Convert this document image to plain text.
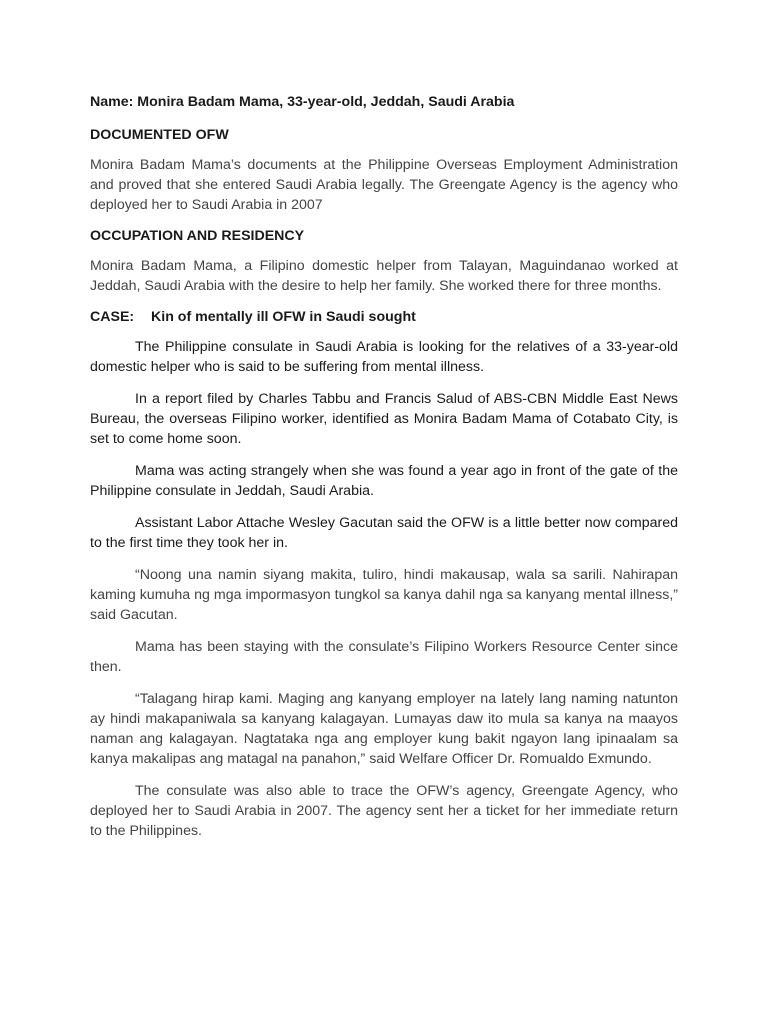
Name: Monira Badam Mama, 33-year-old, Jeddah, Saudi Arabia

DOCUMENTED OFW

Monira Badam Mama’s documents at the Philippine Overseas Employment Administration and proved that she entered Saudi Arabia legally. The Greengate Agency is the agency who deployed her to Saudi Arabia in 2007

OCCUPATION AND RESIDENCY

Monira Badam Mama, a Filipino domestic helper from Talayan, Maguindanao worked at Jeddah, Saudi Arabia with the desire to help her family. She worked there for three months.

CASE: Kin of mentally ill OFW in Saudi sought

The Philippine consulate in Saudi Arabia is looking for the relatives of a 33-year-old domestic helper who is said to be suffering from mental illness.

In a report filed by Charles Tabbu and Francis Salud of ABS-CBN Middle East News Bureau, the overseas Filipino worker, identified as Monira Badam Mama of Cotabato City, is set to come home soon.

Mama was acting strangely when she was found a year ago in front of the gate of the Philippine consulate in Jeddah, Saudi Arabia.

Assistant Labor Attache Wesley Gacutan said the OFW is a little better now compared to the first time they took her in.

“Noong una namin siyang makita, tuliro, hindi makausap, wala sa sarili. Nahirapan kaming kumuha ng mga impormasyon tungkol sa kanya dahil nga sa kanyang mental illness,” said Gacutan.

Mama has been staying with the consulate’s Filipino Workers Resource Center since then.

“Talagang hirap kami. Maging ang kanyang employer na lately lang naming natunton ay hindi makapaniwala sa kanyang kalagayan. Lumayas daw ito mula sa kanya na maayos naman ang kalagayan. Nagtataka nga ang employer kung bakit ngayon lang ipinaalam sa kanya makalipas ang matagal na panahon,” said Welfare Officer Dr. Romualdo Exmundo.

The consulate was also able to trace the OFW’s agency, Greengate Agency, who deployed her to Saudi Arabia in 2007. The agency sent her a ticket for her immediate return to the Philippines.
